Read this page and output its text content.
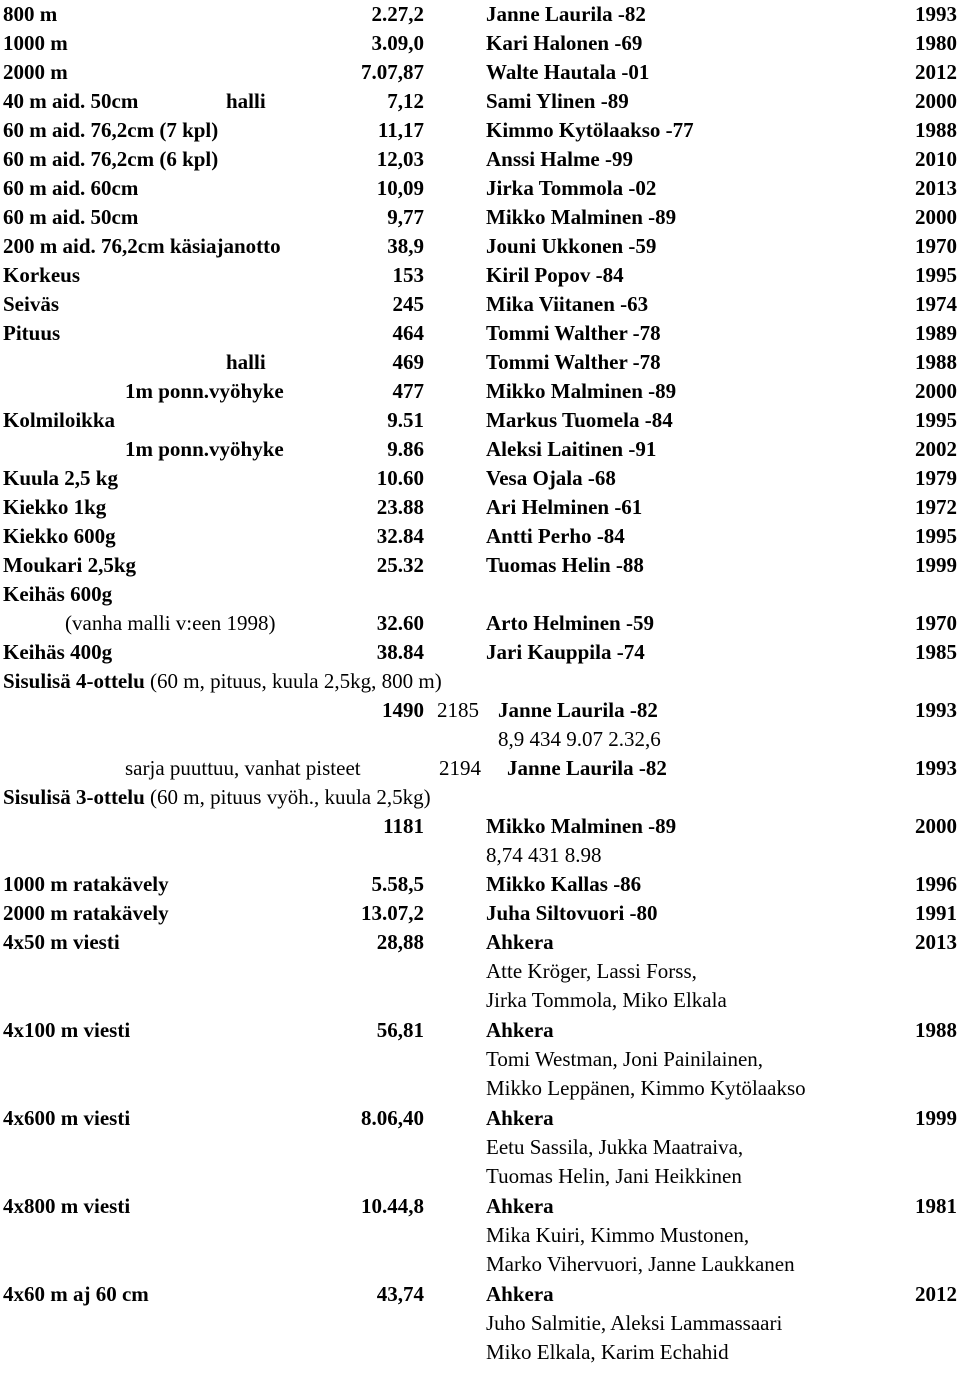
800 m	2.27,2	Janne Laurila -82	1993
1000 m	3.09,0	Kari Halonen -69	1980
2000 m	7.07,87	Walte Hautala -01	2012
40 m aid. 50cm	halli	7,12	Sami Ylinen -89	2000
60 m aid. 76,2cm (7 kpl)	11,17	Kimmo Kytölaakso -77	1988
60 m aid. 76,2cm (6 kpl)	12,03	Anssi Halme -99	2010
60 m aid. 60cm	10,09	Jirka Tommola -02	2013
60 m aid. 50cm	9,77	Mikko Malminen -89	2000
200 m aid. 76,2cm käsiajanotto	38,9	Jouni Ukkonen -59	1970
Korkeus	153	Kiril Popov -84	1995
Seiväs	245	Mika Viitanen -63	1974
Pituus	464	Tommi Walther -78	1989
halli	469	Tommi Walther -78	1988
1m ponn.vyöhyke	477	Mikko Malminen -89	2000
Kolmiloikka	9.51	Markus Tuomela -84	1995
1m ponn.vyöhyke	9.86	Aleksi Laitinen -91	2002
Kuula 2,5 kg	10.60	Vesa Ojala -68	1979
Kiekko 1kg	23.88	Ari Helminen -61	1972
Kiekko 600g	32.84	Antti Perho -84	1995
Moukari 2,5kg	25.32	Tuomas Helin -88	1999
Keihäs 600g
(vanha malli v:een 1998)	32.60	Arto Helminen -59	1970
Keihäs 400g	38.84	Jari Kauppila -74	1985
Sisulisä 4-ottelu (60 m, pituus, kuula 2,5kg, 800 m)
1490 2185 Janne Laurila -82	1993
8,9 434 9.07 2.32,6
sarja puuttuu, vanhat pisteet	2194 Janne Laurila -82	1993
Sisulisä 3-ottelu (60 m, pituus vyöh., kuula 2,5kg)
1181	Mikko Malminen -89	2000
8,74 431 8.98
1000 m ratakävely	5.58,5	Mikko Kallas -86	1996
2000 m ratakävely	13.07,2	Juha Siltovuori -80	1991
4x50 m viesti	28,88	Ahkera	2013
Atte Kröger, Lassi Forss,
Jirka Tommola, Miko Elkala
4x100 m viesti	56,81	Ahkera	1988
Tomi Westman, Joni Painilainen,
Mikko Leppänen, Kimmo Kytölaakso
4x600 m viesti	8.06,40	Ahkera	1999
Eetu Sassila, Jukka Maatraiva,
Tuomas Helin, Jani Heikkinen
4x800 m viesti	10.44,8	Ahkera	1981
Mika Kuiri, Kimmo Mustonen,
Marko Vihervuori, Janne Laukkanen
4x60 m aj 60 cm	43,74	Ahkera	2012
Juho Salmitie, Aleksi Lammassaari
Miko Elkala, Karim Echahid
